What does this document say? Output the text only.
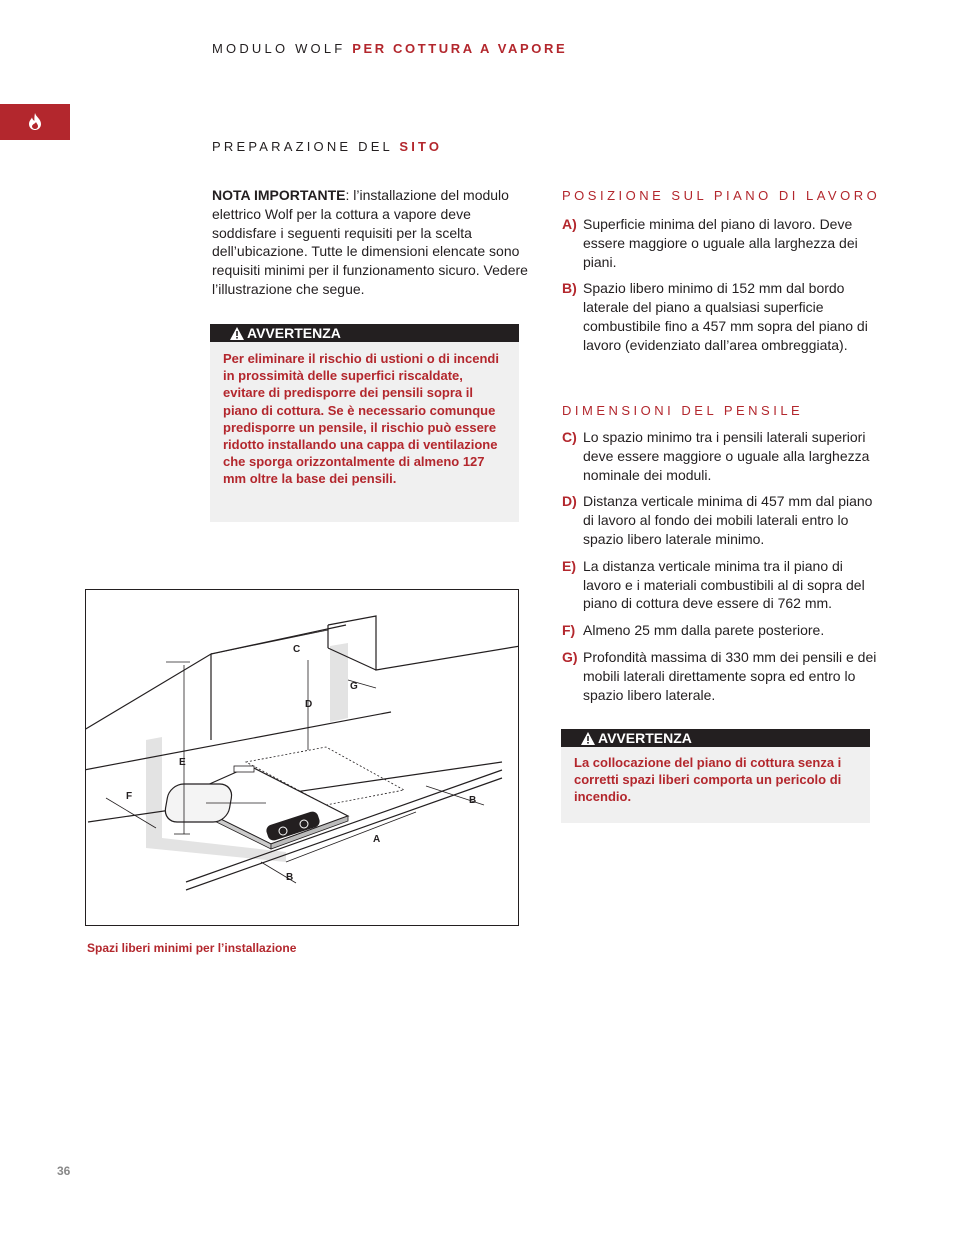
MODULO WOLF PER COTTURA A VAPORE
PREPARAZIONE DEL SITO
NOTA IMPORTANTE: l’installazione del modulo elettrico Wolf per la cottura a vapore deve soddisfare i seguenti requisiti per la scelta dell’ubicazione. Tutte le dimensioni elencate sono requisiti minimi per il funzionamento sicuro. Vedere l’illustrazione che segue.
AVVERTENZA
Per eliminare il rischio di ustioni o di incendi in prossimità delle superfici riscaldate, evitare di predisporre dei pensili sopra il piano di cottura. Se è necessario comunque predisporre un pensile, il rischio può essere ridotto installando una cappa di ventilazione che sporga orizzontalmente di almeno 127 mm oltre la base dei pensili.
POSIZIONE SUL PIANO DI LAVORO
A) Superficie minima del piano di lavoro. Deve essere maggiore o uguale alla larghezza dei piani.
B) Spazio libero minimo di 152 mm dal bordo laterale del piano a qualsiasi superficie combustibile fino a 457 mm sopra del piano di lavoro (evidenziato dall’area ombreggiata).
DIMENSIONI DEL PENSILE
C) Lo spazio minimo tra i pensili laterali superiori deve essere maggiore o uguale alla larghezza nominale dei moduli.
D) Distanza verticale minima di 457 mm dal piano di lavoro al fondo dei mobili laterali entro lo spazio libero laterale minimo.
E) La distanza verticale minima tra il piano di lavoro e i materiali combustibili al di sopra del piano di cottura deve essere di 762 mm.
F) Almeno 25 mm dalla parete posteriore.
G) Profondità massima di 330 mm dei pensili e dei mobili laterali direttamente sopra ed entro lo spazio libero laterale.
AVVERTENZA
La collocazione del piano di cottura senza i corretti spazi liberi comporta un pericolo di incendio.
C
D
E
F
G
A
B
B
Spazi liberi minimi per l’installazione
36
